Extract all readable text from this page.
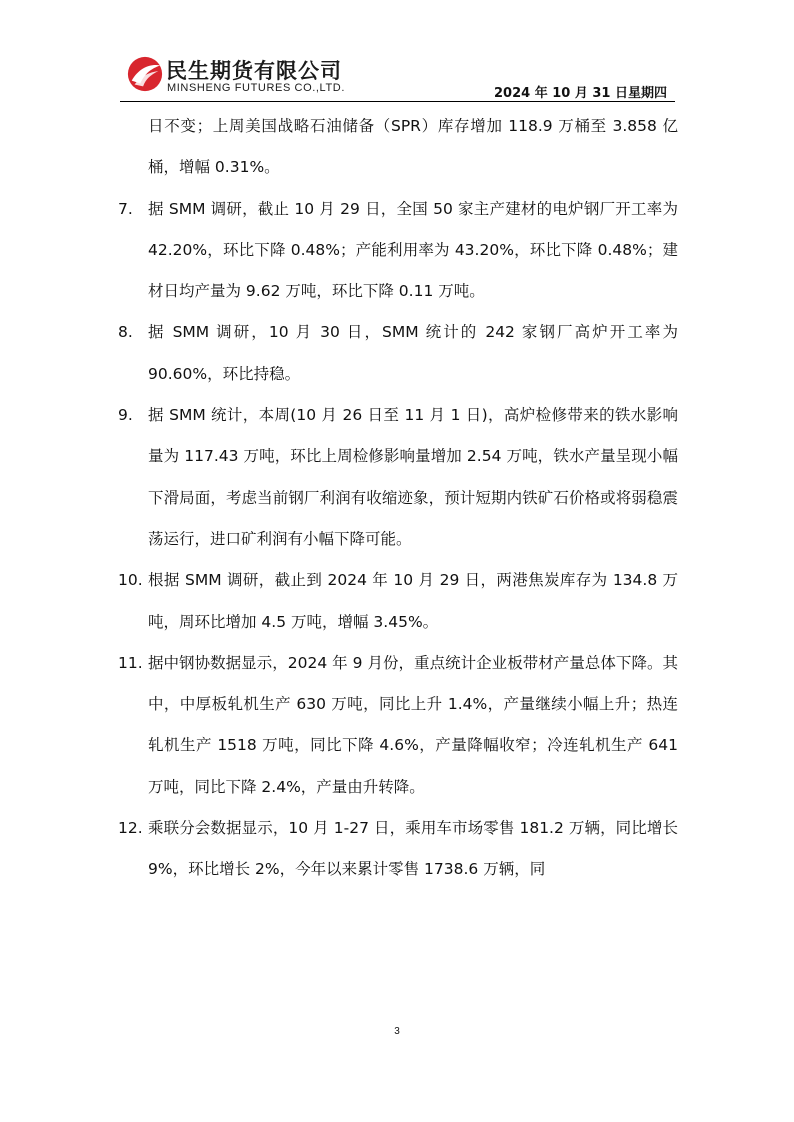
民生期货有限公司
MINSHENG FUTURES CO.,LTD.	2024 年 10 月 31 日星期四
日不变；上周美国战略石油储备（SPR）库存增加 118.9 万桶至 3.858 亿桶，增幅 0.31%。
7. 据 SMM 调研，截止 10 月 29 日，全国 50 家主产建材的电炉钢厂开工率为 42.20%，环比下降 0.48%；产能利用率为 43.20%，环比下降 0.48%；建材日均产量为 9.62 万吨，环比下降 0.11 万吨。
8. 据 SMM 调研，10 月 30 日，SMM 统计的 242 家钢厂高炉开工率为 90.60%，环比持稳。
9. 据 SMM 统计，本周(10 月 26 日至 11 月 1 日)，高炉检修带来的铁水影响量为 117.43 万吨，环比上周检修影响量增加 2.54 万吨，铁水产量呈现小幅下滑局面，考虑当前钢厂利润有收缩迹象，预计短期内铁矿石价格或将弱稳震荡运行，进口矿利润有小幅下降可能。
10. 根据 SMM 调研，截止到 2024 年 10 月 29 日，两港焦炭库存为 134.8 万吨，周环比增加 4.5 万吨，增幅 3.45%。
11. 据中钢协数据显示，2024 年 9 月份，重点统计企业板带材产量总体下降。其中，中厚板轧机生产 630 万吨，同比上升 1.4%，产量继续小幅上升；热连轧机生产 1518 万吨，同比下降 4.6%，产量降幅收窄；冷连轧机生产 641 万吨，同比下降 2.4%，产量由升转降。
12. 乘联分会数据显示，10 月 1-27 日，乘用车市场零售 181.2 万辆，同比增长 9%，环比增长 2%，今年以来累计零售 1738.6 万辆，同
3
